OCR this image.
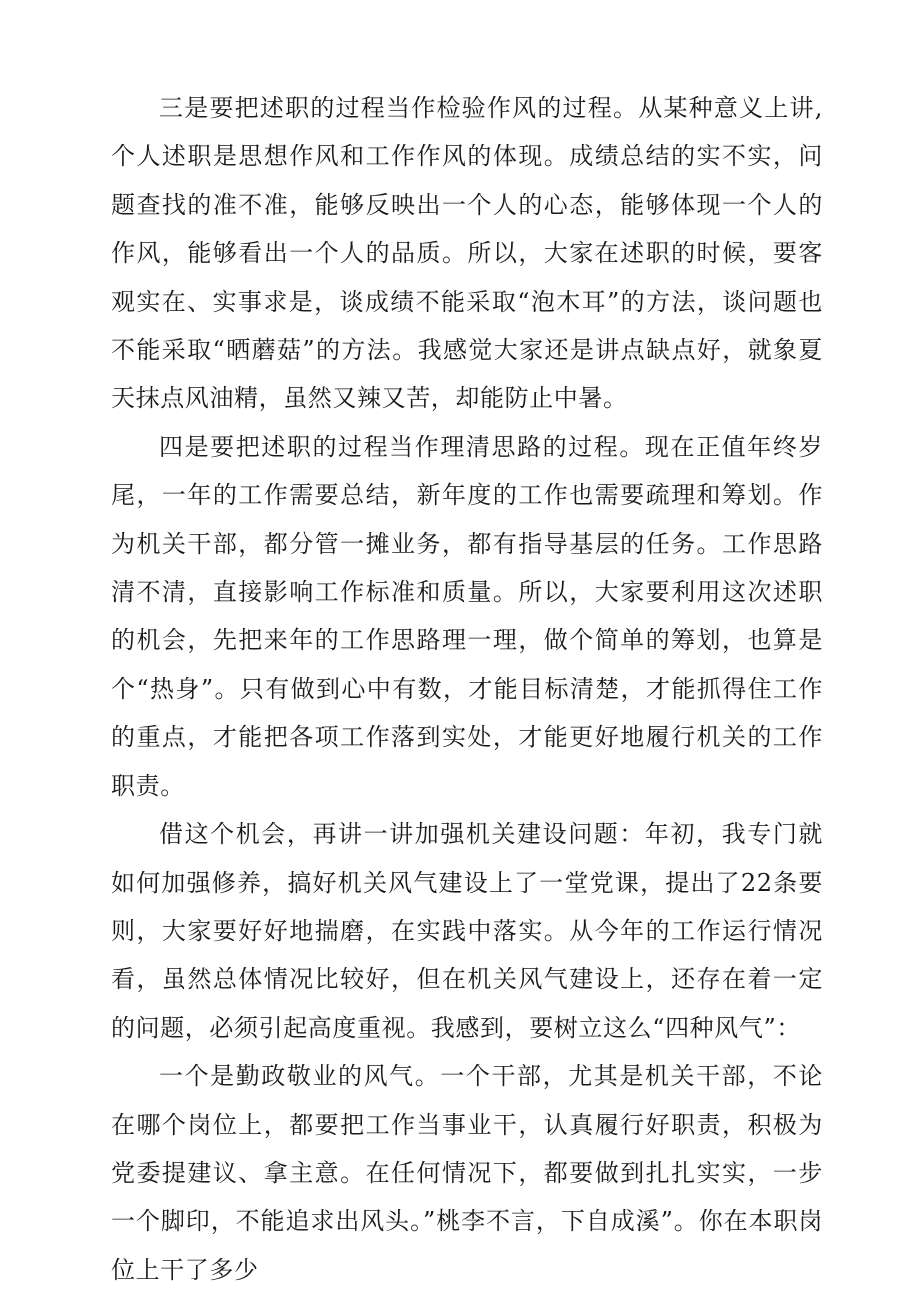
三是要把述职的过程当作检验作风的过程。从某种意义上讲,个人述职是思想作风和工作作风的体现。成绩总结的实不实，问题查找的准不准，能够反映出一个人的心态，能够体现一个人的作风，能够看出一个人的品质。所以，大家在述职的时候，要客观实在、实事求是，谈成绩不能采取“泡木耳”的方法，谈问题也不能采取“晒蘑菇”的方法。我感觉大家还是讲点缺点好，就象夏天抹点风油精，虽然又辣又苦，却能防止中暑。

四是要把述职的过程当作理清思路的过程。现在正值年终岁尾，一年的工作需要总结，新年度的工作也需要疏理和筹划。作为机关干部，都分管一摊业务，都有指导基层的任务。工作思路清不清，直接影响工作标准和质量。所以，大家要利用这次述职的机会，先把来年的工作思路理一理，做个简单的筹划，也算是个“热身”。只有做到心中有数，才能目标清楚，才能抓得住工作的重点，才能把各项工作落到实处，才能更好地履行机关的工作职责。

借这个机会，再讲一讲加强机关建设问题：年初，我专门就如何加强修养，搞好机关风气建设上了一堂党课，提出了22条要则，大家要好好地揣磨，在实践中落实。从今年的工作运行情况看，虽然总体情况比较好，但在机关风气建设上，还存在着一定的问题，必须引起高度重视。我感到，要树立这么“四种风气”：

一个是勤政敬业的风气。一个干部，尤其是机关干部，不论在哪个岗位上，都要把工作当事业干，认真履行好职责，积极为党委提建议、拿主意。在任何情况下，都要做到扎扎实实，一步一个脚印，不能追求出风头。”桃李不言，下自成溪”。你在本职岗位上干了多少
